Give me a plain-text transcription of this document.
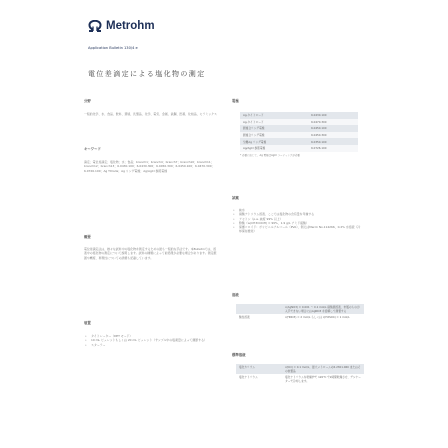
Metrohm
Application Bulletin 130/4 e
電位差滴定による塩化物の測定
分野

一般的化学、水、食品、飲料、環境、乳製品、化学、電気、金属、鉄鋼、医薬、化粧品、セラミックス

キーワード

滴定；電位差滴定；塩化物；水；食品；branch1；branch4；branch7；branch10；branch11；branch12；branch13；6.0430.100；6.0430.300；6.0450.300；6.0450.100；6.0470.300；6.0726.100；Ag Titrode；Ag リング電極；Ag/AgCl 参照電極

概要

電位差滴定法は、様々な試料中の塩化物を測定するための最も一般的な手法です。本Bulletinでは、溶液中の塩化物の測定について説明します。試料の種類によって前処理が必要な場合があります。測定範囲や精度、再現性についての詳細も記載しています。

装置
• タイトレーター（DET モード）
• 10 mL ビュレットもしくは 20 mL ビュレット（サンプル中の塩素量によって調節する）
• スターラー
電極
Ag-タイトロード	6.0430.100
Ag-タイトロード	6.0470.300
銀複合リング電極	6.0450.100
銀複合リング電極	6.0450.300
分離Ag リング電極	6.0350.100
Ag/AgCl 参照電極	6.0726.100
* 必要に応じて、Ag 電極はAgCl コーティングが必要
試薬
• 純水
• 硝酸ナトリウム溶液、ここでは塩化物の含有量を考慮する
• アセトン（p.a. 純度 99% 以上）
• 酢酸（w(CH3COOH) = 99%、1.9 g/L アミド硫酸）
• 保護コロイド：ポリビニルアルコール（PVA）、例えばMerck No.114266、0.2% 水溶液（冷却保存推奨）
溶液
	c(AgNO3) = 0.001 ～ 0.1 mol/L 硝酸銀溶液、市販のものが入手できない場合にはAgNO3 を溶解して調製する
酸性溶液	c(HNO3) = 2 mol/L もしくは c(H2SO4) = 1 mol/L
標準溶液
塩化カリウム	c(KCl) = 0.1 mol/L、最大メトロームの6.2301.060 またはその他製品
塩化ナトリウム	塩化ナトリウムを乾燥炉で 120℃ で2時間乾燥させ、デシケーターで冷却します。
